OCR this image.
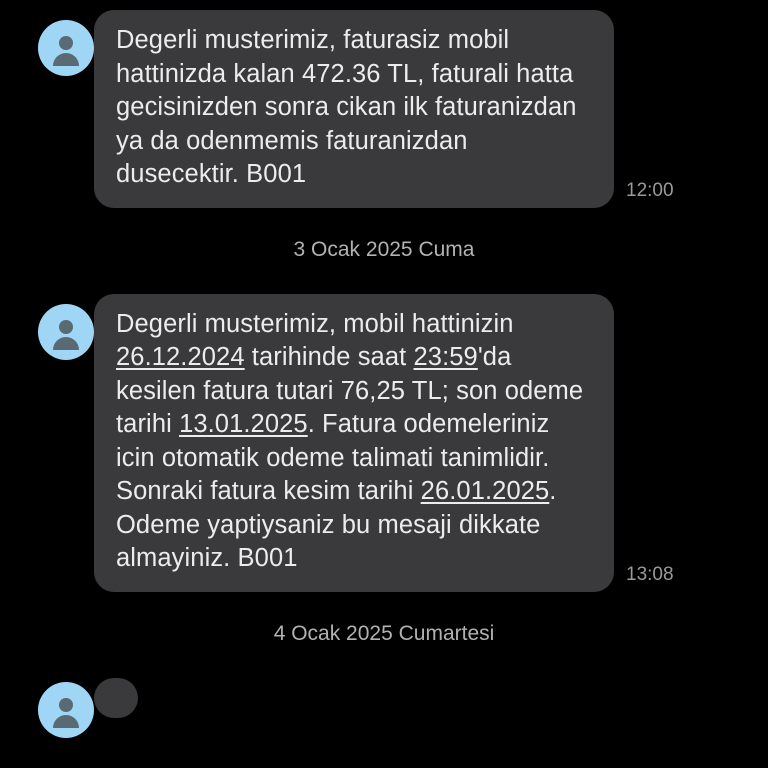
Degerli musterimiz, faturasiz mobil hattinizda kalan 472.36 TL, faturali hatta gecisinizden sonra cikan ilk faturanizdan ya da odenmemis faturanizdan dusecektir. B001
12:00
3 Ocak 2025 Cuma
Degerli musterimiz, mobil hattinizin 26.12.2024 tarihinde saat 23:59'da kesilen fatura tutari 76,25 TL; son odeme tarihi 13.01.2025. Fatura odemeleriniz icin otomatik odeme talimati tanimlidir. Sonraki fatura kesim tarihi 26.01.2025. Odeme yaptiysaniz bu mesaji dikkate almayiniz. B001
13:08
4 Ocak 2025 Cumartesi
